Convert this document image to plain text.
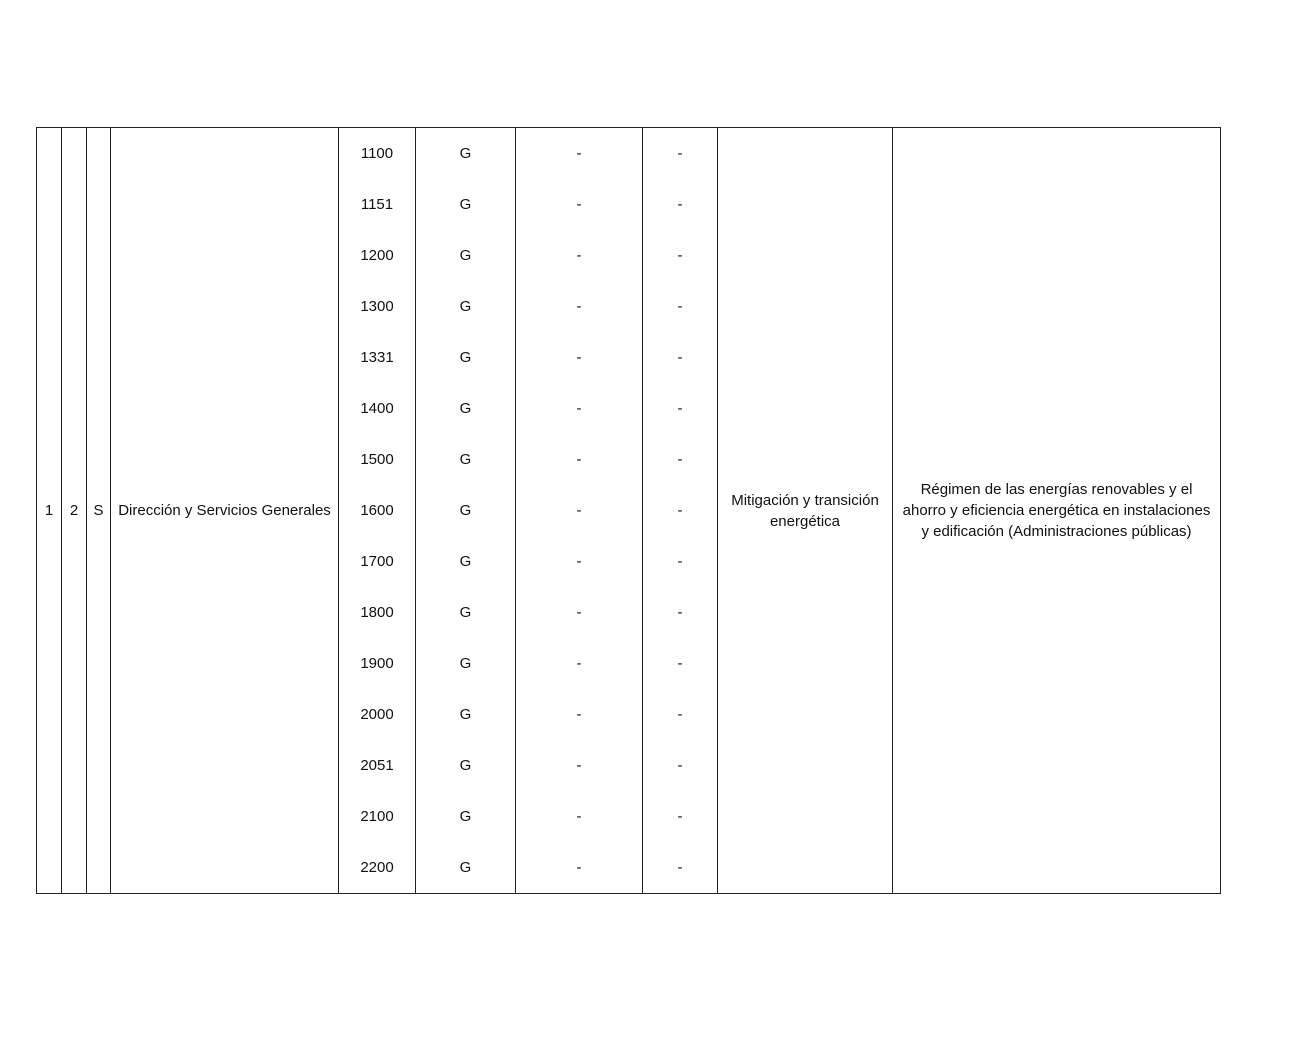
1	2	S	Dirección y Servicios Generales	1100	G	-	-	Mitigación y transición energética	Régimen de las energías renovables y el ahorro y eficiencia energética en instalaciones y edificación (Administraciones públicas)
				1151	G	-	-		
				1200	G	-	-		
				1300	G	-	-		
				1331	G	-	-		
				1400	G	-	-		
				1500	G	-	-		
				1600	G	-	-		
				1700	G	-	-		
				1800	G	-	-		
				1900	G	-	-		
				2000	G	-	-		
				2051	G	-	-		
				2100	G	-	-		
				2200	G	-	-		
